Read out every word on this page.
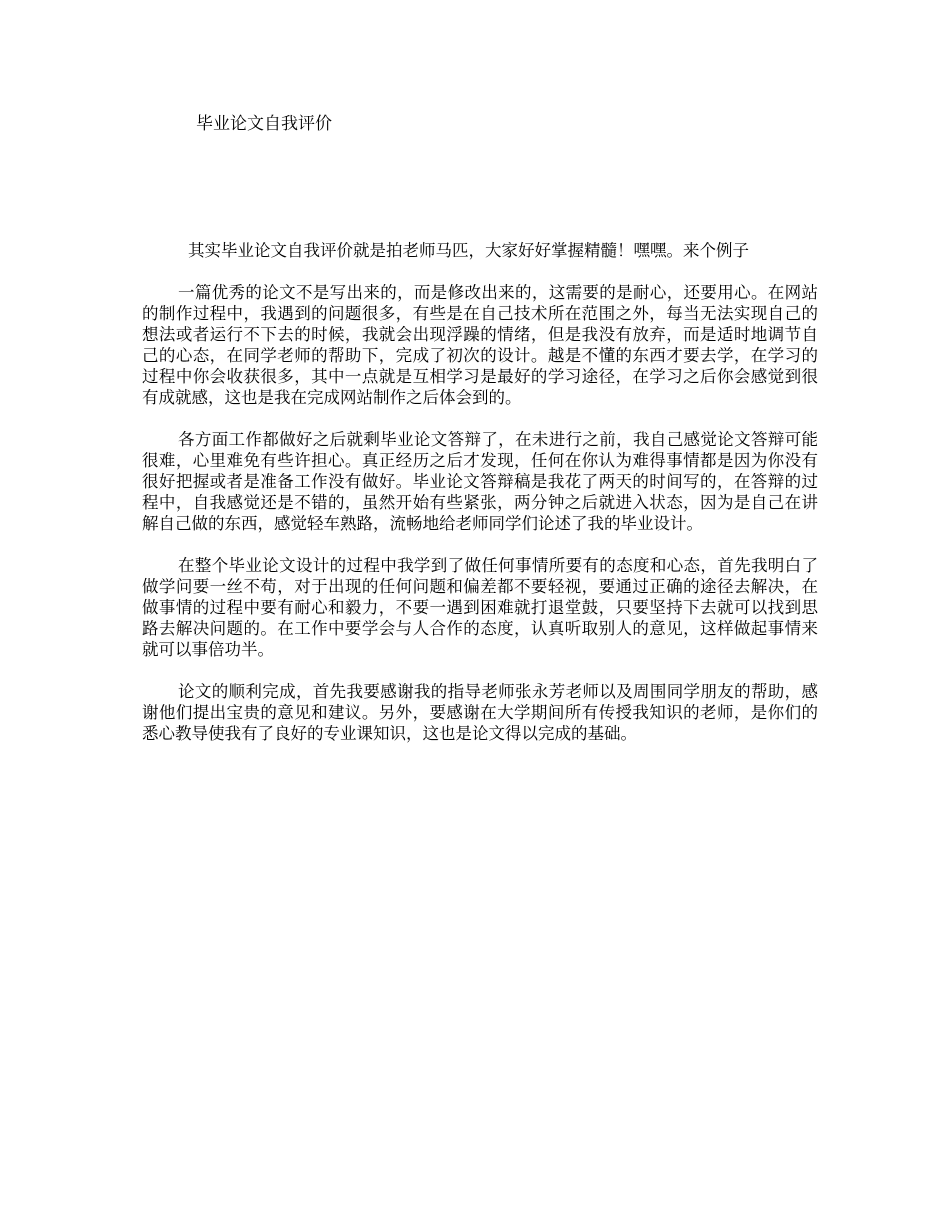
毕业论文自我评价

其实毕业论文自我评价就是拍老师马匹，大家好好掌握精髓！嘿嘿。来个例子

一篇优秀的论文不是写出来的，而是修改出来的，这需要的是耐心，还要用心。在网站的制作过程中，我遇到的问题很多，有些是在自己技术所在范围之外，每当无法实现自己的想法或者运行不下去的时候，我就会出现浮躁的情绪，但是我没有放弃，而是适时地调节自己的心态，在同学老师的帮助下，完成了初次的设计。越是不懂的东西才要去学，在学习的过程中你会收获很多，其中一点就是互相学习是最好的学习途径，在学习之后你会感觉到很有成就感，这也是我在完成网站制作之后体会到的。

各方面工作都做好之后就剩毕业论文答辩了，在未进行之前，我自己感觉论文答辩可能很难，心里难免有些许担心。真正经历之后才发现，任何在你认为难得事情都是因为你没有很好把握或者是准备工作没有做好。毕业论文答辩稿是我花了两天的时间写的，在答辩的过程中，自我感觉还是不错的，虽然开始有些紧张，两分钟之后就进入状态，因为是自己在讲解自己做的东西，感觉轻车熟路，流畅地给老师同学们论述了我的毕业设计。

在整个毕业论文设计的过程中我学到了做任何事情所要有的态度和心态，首先我明白了做学问要一丝不苟，对于出现的任何问题和偏差都不要轻视，要通过正确的途径去解决，在做事情的过程中要有耐心和毅力，不要一遇到困难就打退堂鼓，只要坚持下去就可以找到思路去解决问题的。在工作中要学会与人合作的态度，认真听取别人的意见，这样做起事情来就可以事倍功半。

论文的顺利完成，首先我要感谢我的指导老师张永芳老师以及周围同学朋友的帮助，感谢他们提出宝贵的意见和建议。另外，要感谢在大学期间所有传授我知识的老师，是你们的悉心教导使我有了良好的专业课知识，这也是论文得以完成的基础。
